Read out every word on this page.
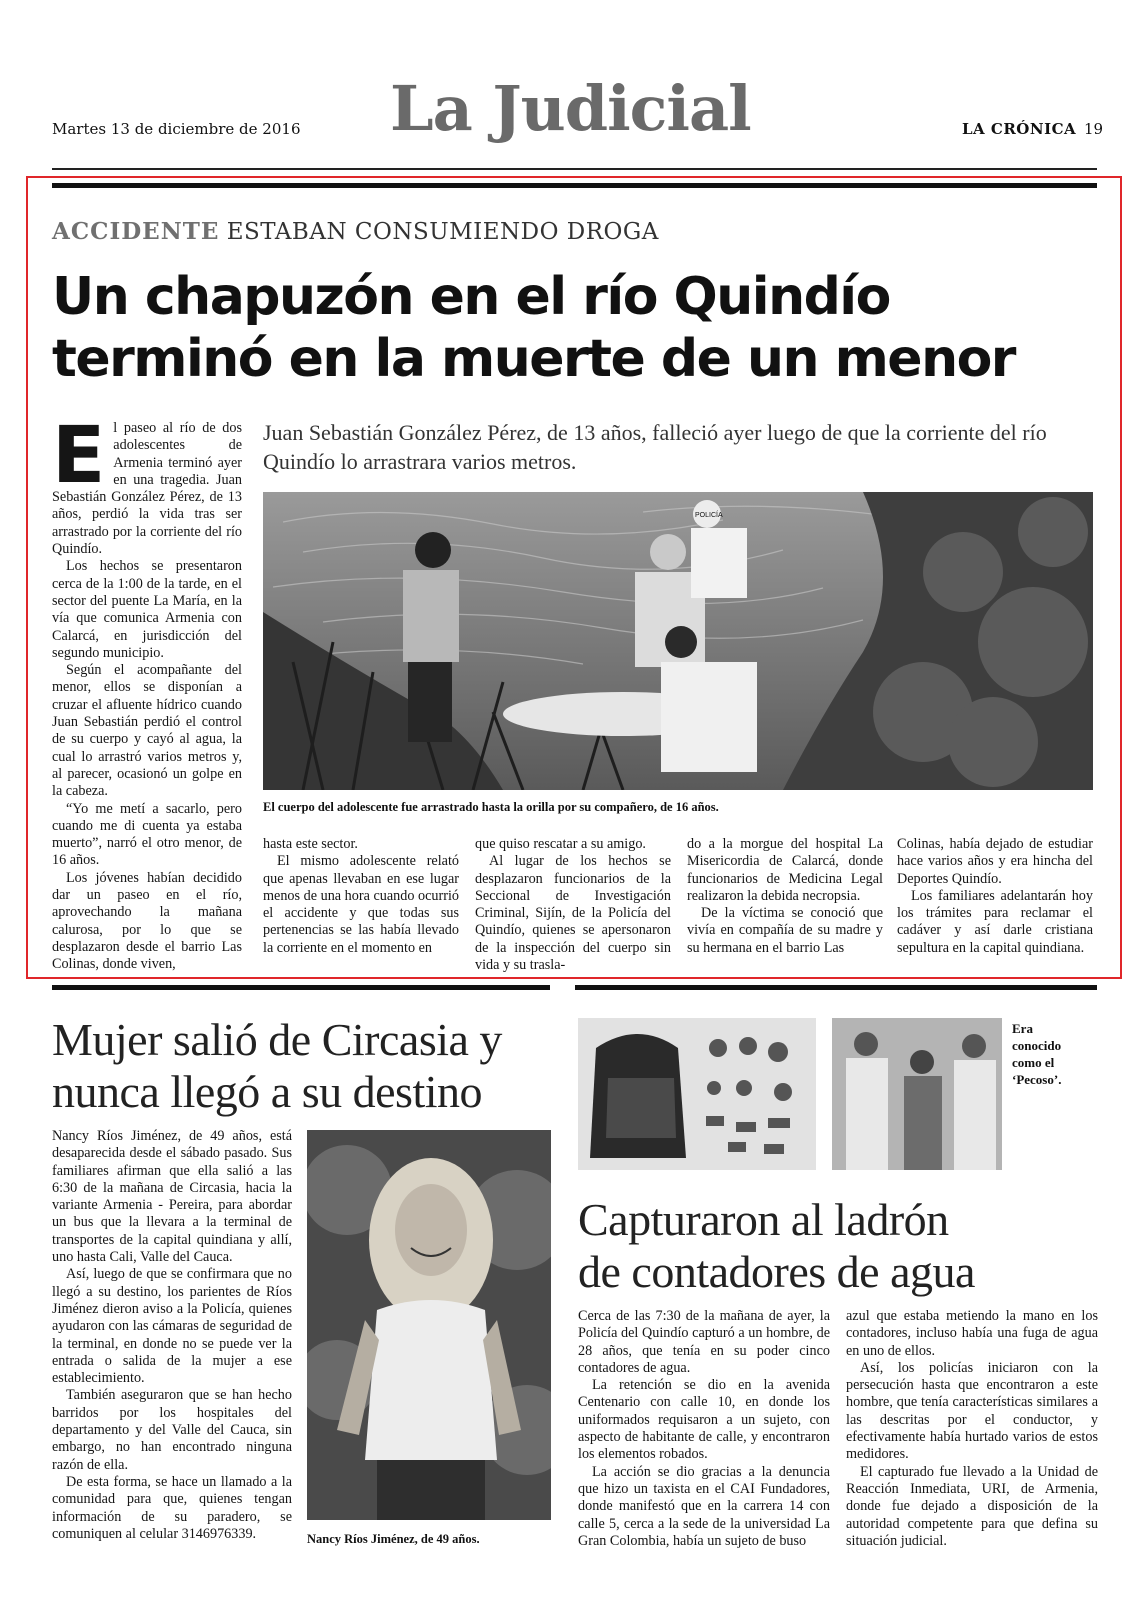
Martes 13 de diciembre de 2016 La Judicial	LA CRÓNICA 19
ACCIDENTE ESTABAN CONSUMIENDO DROGA
Un chapuzón en el río Quindío
terminó en la muerte de un menor

El paseo al río de dos adolescentes de Armenia terminó ayer en una tragedia. Juan Sebastián González Pérez, de 13 años, perdió la vida tras ser arrastrado por la corriente del río Quindío.

Los hechos se presentaron cerca de la 1:00 de la tarde, en el sector del puente La María, en la vía que comunica Armenia con Calarcá, en jurisdicción del segundo municipio.

Según el acompañante del menor, ellos se disponían a cruzar el afluente hídrico cuando Juan Sebastián perdió el control de su cuerpo y cayó al agua, la cual lo arrastró varios metros y, al parecer, ocasionó un golpe en la cabeza.

“Yo me metí a sacarlo, pero cuando me di cuenta ya estaba muerto”, narró el otro menor, de 16 años.

Los jóvenes habían decidido dar un paseo en el río, aprovechando la mañana calurosa, por lo que se desplazaron desde el barrio Las Colinas, donde viven,

Juan Sebastián González Pérez, de 13 años, falleció ayer luego de que la corriente del río Quindío lo arrastrara varios metros.
POLICÍA
El cuerpo del adolescente fue arrastrado hasta la orilla por su compañero, de 16 años.

hasta este sector.

El mismo adolescente relató que apenas llevaban en ese lugar menos de una hora cuando ocurrió el accidente y que todas sus pertenencias se las había llevado la corriente en el momento en

que quiso rescatar a su amigo.

Al lugar de los hechos se desplazaron funcionarios de la Seccional de Investigación Criminal, Sijín, de la Policía del Quindío, quienes se apersonaron de la inspección del cuerpo sin vida y su trasla-

do a la morgue del hospital La Misericordia de Calarcá, donde funcionarios de Medicina Legal realizaron la debida necropsia.

De la víctima se conoció que vivía en compañía de su madre y su hermana en el barrio Las

Colinas, había dejado de estudiar hace varios años y era hincha del Deportes Quindío.

Los familiares adelantarán hoy los trámites para reclamar el cadáver y así darle cristiana sepultura en la capital quindiana.

Mujer salió de Circasia y
nunca llegó a su destino

Nancy Ríos Jiménez, de 49 años, está desaparecida desde el sábado pasado. Sus familiares afirman que ella salió a las 6:30 de la mañana de Circasia, hacia la variante Armenia - Pereira, para abordar un bus que la llevara a la terminal de transportes de la capital quindiana y allí, uno hasta Cali, Valle del Cauca.

Así, luego de que se confirmara que no llegó a su destino, los parientes de Ríos Jiménez dieron aviso a la Policía, quienes ayudaron con las cámaras de seguridad de la terminal, en donde no se puede ver la entrada o salida de la mujer a ese establecimiento.

También aseguraron que se han hecho barridos por los hospitales del departamento y del Valle del Cauca, sin embargo, no han encontrado ninguna razón de ella.

De esta forma, se hace un llamado a la comunidad para que, quienes tengan información de su paradero, se comuniquen al celular 3146976339.	Nancy Ríos Jiménez, de 49 años.
Era conocido como el ‘Pecoso’.
Capturaron al ladrón
de contadores de agua

Cerca de las 7:30 de la mañana de ayer, la Policía del Quindío capturó a un hombre, de 28 años, que tenía en su poder cinco contadores de agua.

La retención se dio en la avenida Centenario con calle 10, en donde los uniformados requisaron a un sujeto, con aspecto de habitante de calle, y encontraron los elementos robados.

La acción se dio gracias a la denuncia que hizo un taxista en el CAI Fundadores, donde manifestó que en la carrera 14 con calle 5, cerca a la sede de la universidad La Gran Colombia, había un sujeto de buso

azul que estaba metiendo la mano en los contadores, incluso había una fuga de agua en uno de ellos.

Así, los policías iniciaron con la persecución hasta que encontraron a este hombre, que tenía características similares a las descritas por el conductor, y efectivamente había hurtado varios de estos medidores.

El capturado fue llevado a la Unidad de Reacción Inmediata, URI, de Armenia, donde fue dejado a disposición de la autoridad competente para que defina su situación judicial.
